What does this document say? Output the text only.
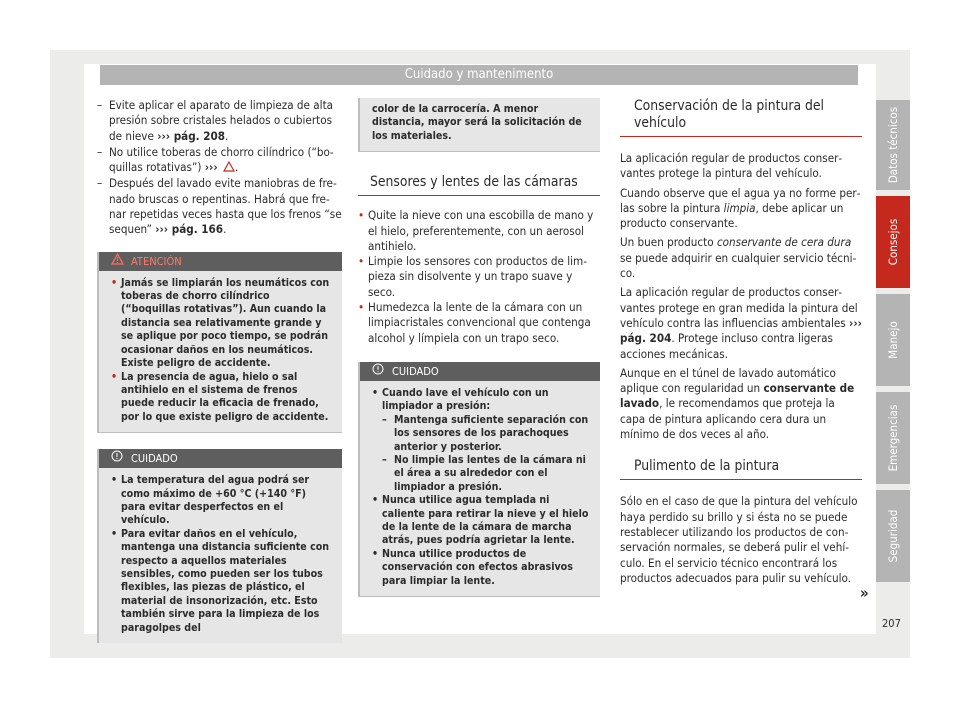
Cuidado y mantenimento
– Evite aplicar el aparato de limpieza de alta presión sobre cristales helados o cubiertos de nieve ››› pág. 208.
– No utilice toberas de chorro cilíndrico (“boquillas rotativas”) ››› .
– Después del lavado evite maniobras de frenado bruscas o repentinas. Habrá que frenar repetidas veces hasta que los frenos “se sequen” ››› pág. 166.
ATENCIÓN
• Jamás se limpiarán los neumáticos con toberas de chorro cilíndrico (“boquillas rotativas”). Aun cuando la distancia sea relativamente grande y se aplique por poco tiempo, se podrán ocasionar daños en los neumáticos. Existe peligro de accidente.
• La presencia de agua, hielo o sal antihielo en el sistema de frenos puede reducir la eficacia de frenado, por lo que existe peligro de accidente.
CUIDADO
• La temperatura del agua podrá ser como máximo de +60 °C (+140 °F) para evitar desperfectos en el vehículo.
• Para evitar daños en el vehículo, mantenga una distancia suficiente con respecto a aquellos materiales sensibles, como pueden ser los tubos flexibles, las piezas de plástico, el material de insonorización, etc. Esto también sirve para la limpieza de los paragolpes del
color de la carrocería. A menor distancia, mayor será la solicitación de los materiales.
Sensores y lentes de las cámaras
• Quite la nieve con una escobilla de mano y el hielo, preferentemente, con un aerosol antihielo.
• Limpie los sensores con productos de limpieza sin disolvente y un trapo suave y seco.
• Humedezca la lente de la cámara con un limpiacristales convencional que contenga alcohol y límpiela con un trapo seco.
CUIDADO
• Cuando lave el vehículo con un limpiador a presión:
– Mantenga suficiente separación con los sensores de los parachoques anterior y posterior.
– No limpie las lentes de la cámara ni el área a su alrededor con el limpiador a presión.
• Nunca utilice agua templada ni caliente para retirar la nieve y el hielo de la lente de la cámara de marcha atrás, pues podría agrietar la lente.
• Nunca utilice productos de conservación con efectos abrasivos para limpiar la lente.
Conservación de la pintura del vehículo

La aplicación regular de productos conservantes protege la pintura del vehículo.

Cuando observe que el agua ya no forme perlas sobre la pintura limpia, debe aplicar un producto conservante.

Un buen producto conservante de cera dura se puede adquirir en cualquier servicio técnico.

La aplicación regular de productos conservantes protege en gran medida la pintura del vehículo contra las influencias ambientales ››› pág. 204. Protege incluso contra ligeras acciones mecánicas.

Aunque en el túnel de lavado automático aplique con regularidad un conservante de lavado, le recomendamos que proteja la capa de pintura aplicando cera dura un mínimo de dos veces al año.

Pulimento de la pintura

Sólo en el caso de que la pintura del vehículo haya perdido su brillo y si ésta no se puede restablecer utilizando los productos de conservación normales, se deberá pulir el vehículo. En el servicio técnico encontrará los productos adecuados para pulir su vehículo.

»
Datos técnicos
Consejos
Manejo
Emergencias
Seguridad
207
